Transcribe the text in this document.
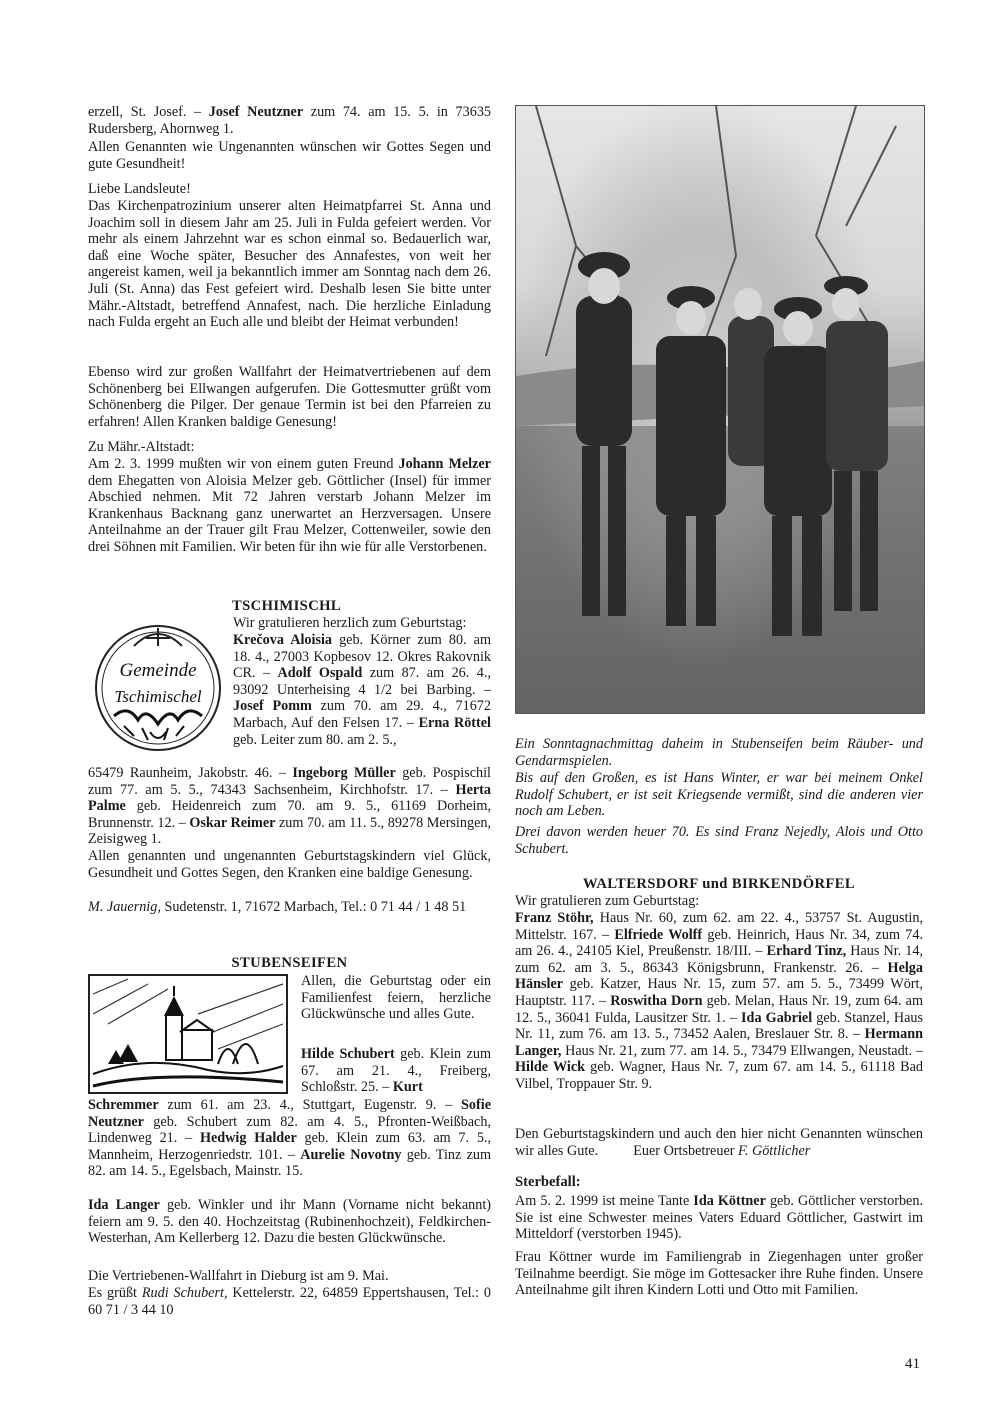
erzell, St. Josef. – Josef Neutzner zum 74. am 15. 5. in 73635 Rudersberg, Ahornweg 1.

Allen Genannten wie Ungenannten wünschen wir Gottes Segen und gute Gesundheit!

Liebe Landsleute!

Das Kirchenpatrozinium unserer alten Heimatpfarrei St. Anna und Joachim soll in diesem Jahr am 25. Juli in Fulda gefeiert werden. Vor mehr als einem Jahrzehnt war es schon einmal so. Bedauerlich war, daß eine Woche später, Besucher des Annafestes, von weit her angereist kamen, weil ja bekanntlich immer am Sonntag nach dem 26. Juli (St. Anna) das Fest gefeiert wird. Deshalb lesen Sie bitte unter Mähr.-Altstadt, betreffend Annafest, nach. Die herzliche Einladung nach Fulda ergeht an Euch alle und bleibt der Heimat verbunden!

Ebenso wird zur großen Wallfahrt der Heimatvertriebenen auf dem Schönenberg bei Ellwangen aufgerufen. Die Gottesmutter grüßt vom Schönenberg die Pilger. Der genaue Termin ist bei den Pfarreien zu erfahren! Allen Kranken baldige Genesung!

Zu Mähr.-Altstadt:

Am 2. 3. 1999 mußten wir von einem guten Freund Johann Melzer dem Ehegatten von Aloisia Melzer geb. Göttlicher (Insel) für immer Abschied nehmen. Mit 72 Jahren verstarb Johann Melzer im Krankenhaus Backnang ganz unerwartet an Herzversagen. Unsere Anteilnahme an der Trauer gilt Frau Melzer, Cottenweiler, sowie den drei Söhnen mit Familien. Wir beten für ihn wie für alle Verstorbenen.

TSCHIMISCHL
Gemeinde
Tschimischel

Wir gratulieren herzlich zum Geburtstag:

Krečova Aloisia geb. Körner zum 80. am 18. 4., 27003 Kopbesov 12. Okres Rakovnik CR. – Adolf Ospald zum 87. am 26. 4., 93092 Unterheising 4 1/2 bei Barbing. – Josef Pomm zum 70. am 29. 4., 71672 Marbach, Auf den Felsen 17. – Erna Röttel geb. Leiter zum 80. am 2. 5.,

65479 Raunheim, Jakobstr. 46. – Ingeborg Müller geb. Pospischil zum 77. am 5. 5., 74343 Sachsenheim, Kirchhofstr. 17. – Herta Palme geb. Heidenreich zum 70. am 9. 5., 61169 Dorheim, Brunnenstr. 12. – Oskar Reimer zum 70. am 11. 5., 89278 Mersingen, Zeisigweg 1.

Allen genannten und ungenannten Geburtstagskindern viel Glück, Gesundheit und Gottes Segen, den Kranken eine baldige Genesung.

M. Jauernig, Sudetenstr. 1, 71672 Marbach, Tel.: 0 71 44 / 1 48 51

STUBENSEIFEN

Allen, die Geburtstag oder ein Familienfest feiern, herzliche Glückwünsche und alles Gute.

Hilde Schubert geb. Klein zum 67. am 21. 4., Freiberg, Schloßstr. 25. – Kurt

Schremmer zum 61. am 23. 4., Stuttgart, Eugenstr. 9. – Sofie Neutzner geb. Schubert zum 82. am 4. 5., Pfronten-Weißbach, Lindenweg 21. – Hedwig Halder geb. Klein zum 63. am 7. 5., Mannheim, Herzogenriedstr. 101. – Aurelie Novotny geb. Tinz zum 82. am 14. 5., Egelsbach, Mainstr. 15.

Ida Langer geb. Winkler und ihr Mann (Vorname nicht bekannt) feiern am 9. 5. den 40. Hochzeitstag (Rubinenhochzeit), Feldkirchen-Westerhan, Am Kellerberg 12. Dazu die besten Glückwünsche.

Die Vertriebenen-Wallfahrt in Dieburg ist am 9. Mai.

Es grüßt Rudi Schubert, Kettelerstr. 22, 64859 Eppertshausen, Tel.: 0 60 71 / 3 44 10

Ein Sonntagnachmittag daheim in Stubenseifen beim Räuber- und Gendarmspielen.

Bis auf den Großen, es ist Hans Winter, er war bei meinem Onkel Rudolf Schubert, er ist seit Kriegsende vermißt, sind die anderen vier noch am Leben.

Drei davon werden heuer 70. Es sind Franz Nejedly, Alois und Otto Schubert.

WALTERSDORF und BIRKENDÖRFEL

Wir gratulieren zum Geburtstag:

Franz Stöhr, Haus Nr. 60, zum 62. am 22. 4., 53757 St. Augustin, Mittelstr. 167. – Elfriede Wolff geb. Heinrich, Haus Nr. 34, zum 74. am 26. 4., 24105 Kiel, Preußenstr. 18/III. – Erhard Tinz, Haus Nr. 14, zum 62. am 3. 5., 86343 Königsbrunn, Frankenstr. 26. – Helga Hänsler geb. Katzer, Haus Nr. 15, zum 57. am 5. 5., 73499 Wört, Hauptstr. 117. – Roswitha Dorn geb. Melan, Haus Nr. 19, zum 64. am 12. 5., 36041 Fulda, Lausitzer Str. 1. – Ida Gabriel geb. Stanzel, Haus Nr. 11, zum 76. am 13. 5., 73452 Aalen, Breslauer Str. 8. – Hermann Langer, Haus Nr. 21, zum 77. am 14. 5., 73479 Ellwangen, Neustadt. – Hilde Wick geb. Wagner, Haus Nr. 7, zum 67. am 14. 5., 61118 Bad Vilbel, Troppauer Str. 9.

Den Geburtstagskindern und auch den hier nicht Genannten wünschen wir alles Gute. Euer Ortsbetreuer F. Göttlicher

Sterbefall:

Am 5. 2. 1999 ist meine Tante Ida Köttner geb. Göttlicher verstorben. Sie ist eine Schwester meines Vaters Eduard Göttlicher, Gastwirt im Mitteldorf (verstorben 1945).

Frau Köttner wurde im Familiengrab in Ziegenhagen unter großer Teilnahme beerdigt. Sie möge im Gottesacker ihre Ruhe finden. Unsere Anteilnahme gilt ihren Kindern Lotti und Otto mit Familien.

41
